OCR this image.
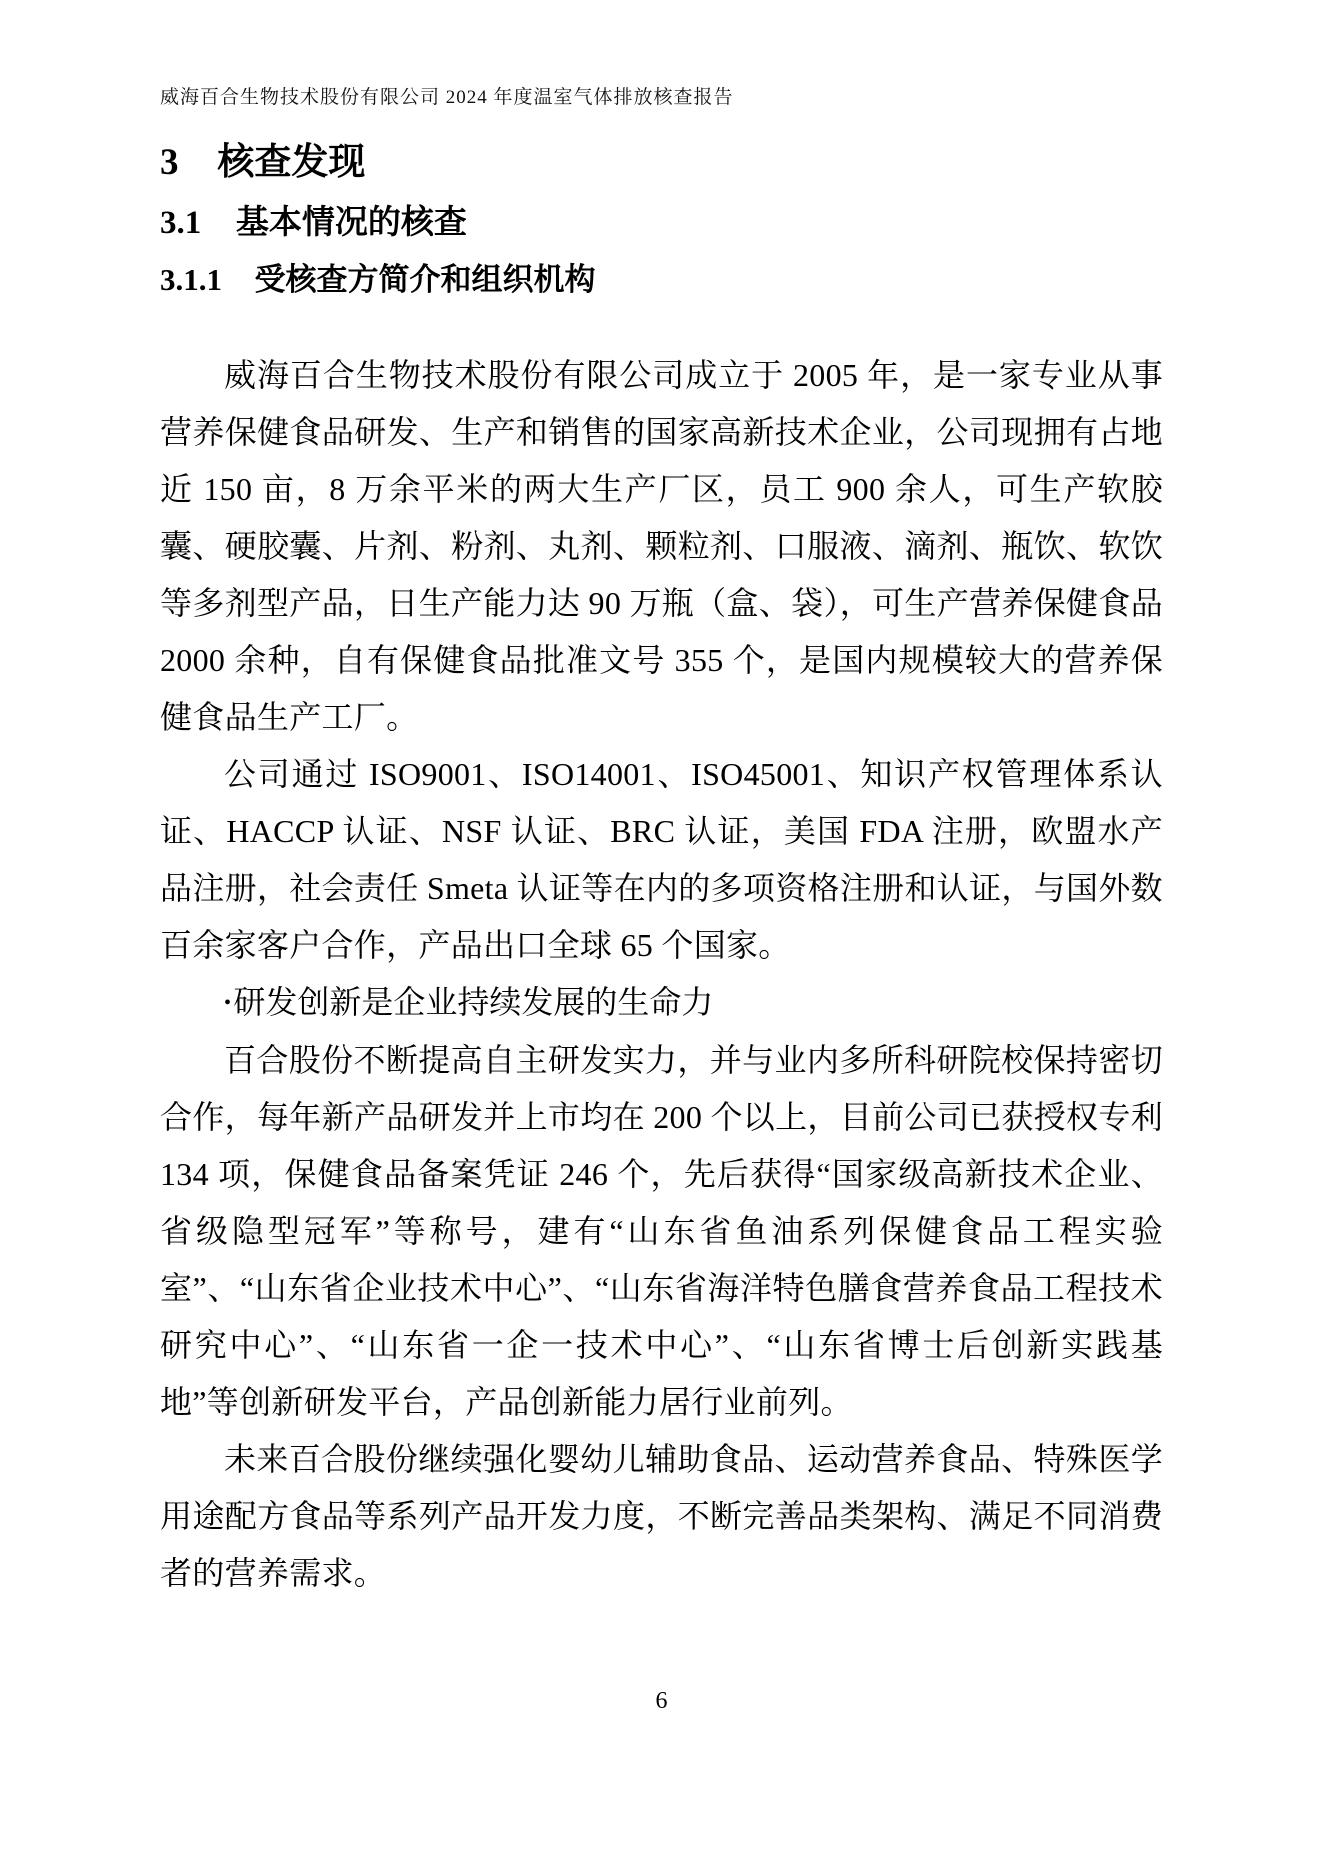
威海百合生物技术股份有限公司 2024 年度温室气体排放核查报告
3 核查发现
3.1 基本情况的核查
3.1.1 受核查方简介和组织机构

威海百合生物技术股份有限公司成立于 2005 年，是一家专业从事营养保健食品研发、生产和销售的国家高新技术企业，公司现拥有占地近 150 亩，8 万余平米的两大生产厂区，员工 900 余人，可生产软胶囊、硬胶囊、片剂、粉剂、丸剂、颗粒剂、口服液、滴剂、瓶饮、软饮等多剂型产品，日生产能力达 90 万瓶（盒、袋），可生产营养保健食品 2000 余种，自有保健食品批准文号 355 个，是国内规模较大的营养保健食品生产工厂。

公司通过 ISO9001、ISO14001、ISO45001、知识产权管理体系认证、HACCP 认证、NSF 认证、BRC 认证，美国 FDA 注册，欧盟水产品注册，社会责任 Smeta 认证等在内的多项资格注册和认证，与国外数百余家客户合作，产品出口全球 65 个国家。

•研发创新是企业持续发展的生命力

百合股份不断提高自主研发实力，并与业内多所科研院校保持密切合作，每年新产品研发并上市均在 200 个以上，目前公司已获授权专利 134 项，保健食品备案凭证 246 个，先后获得“国家级高新技术企业、省级隐型冠军”等称号，建有“山东省鱼油系列保健食品工程实验室”、“山东省企业技术中心”、“山东省海洋特色膳食营养食品工程技术研究中心”、“山东省一企一技术中心”、“山东省博士后创新实践基地”等创新研发平台，产品创新能力居行业前列。

未来百合股份继续强化婴幼儿辅助食品、运动营养食品、特殊医学用途配方食品等系列产品开发力度，不断完善品类架构、满足不同消费者的营养需求。

6
